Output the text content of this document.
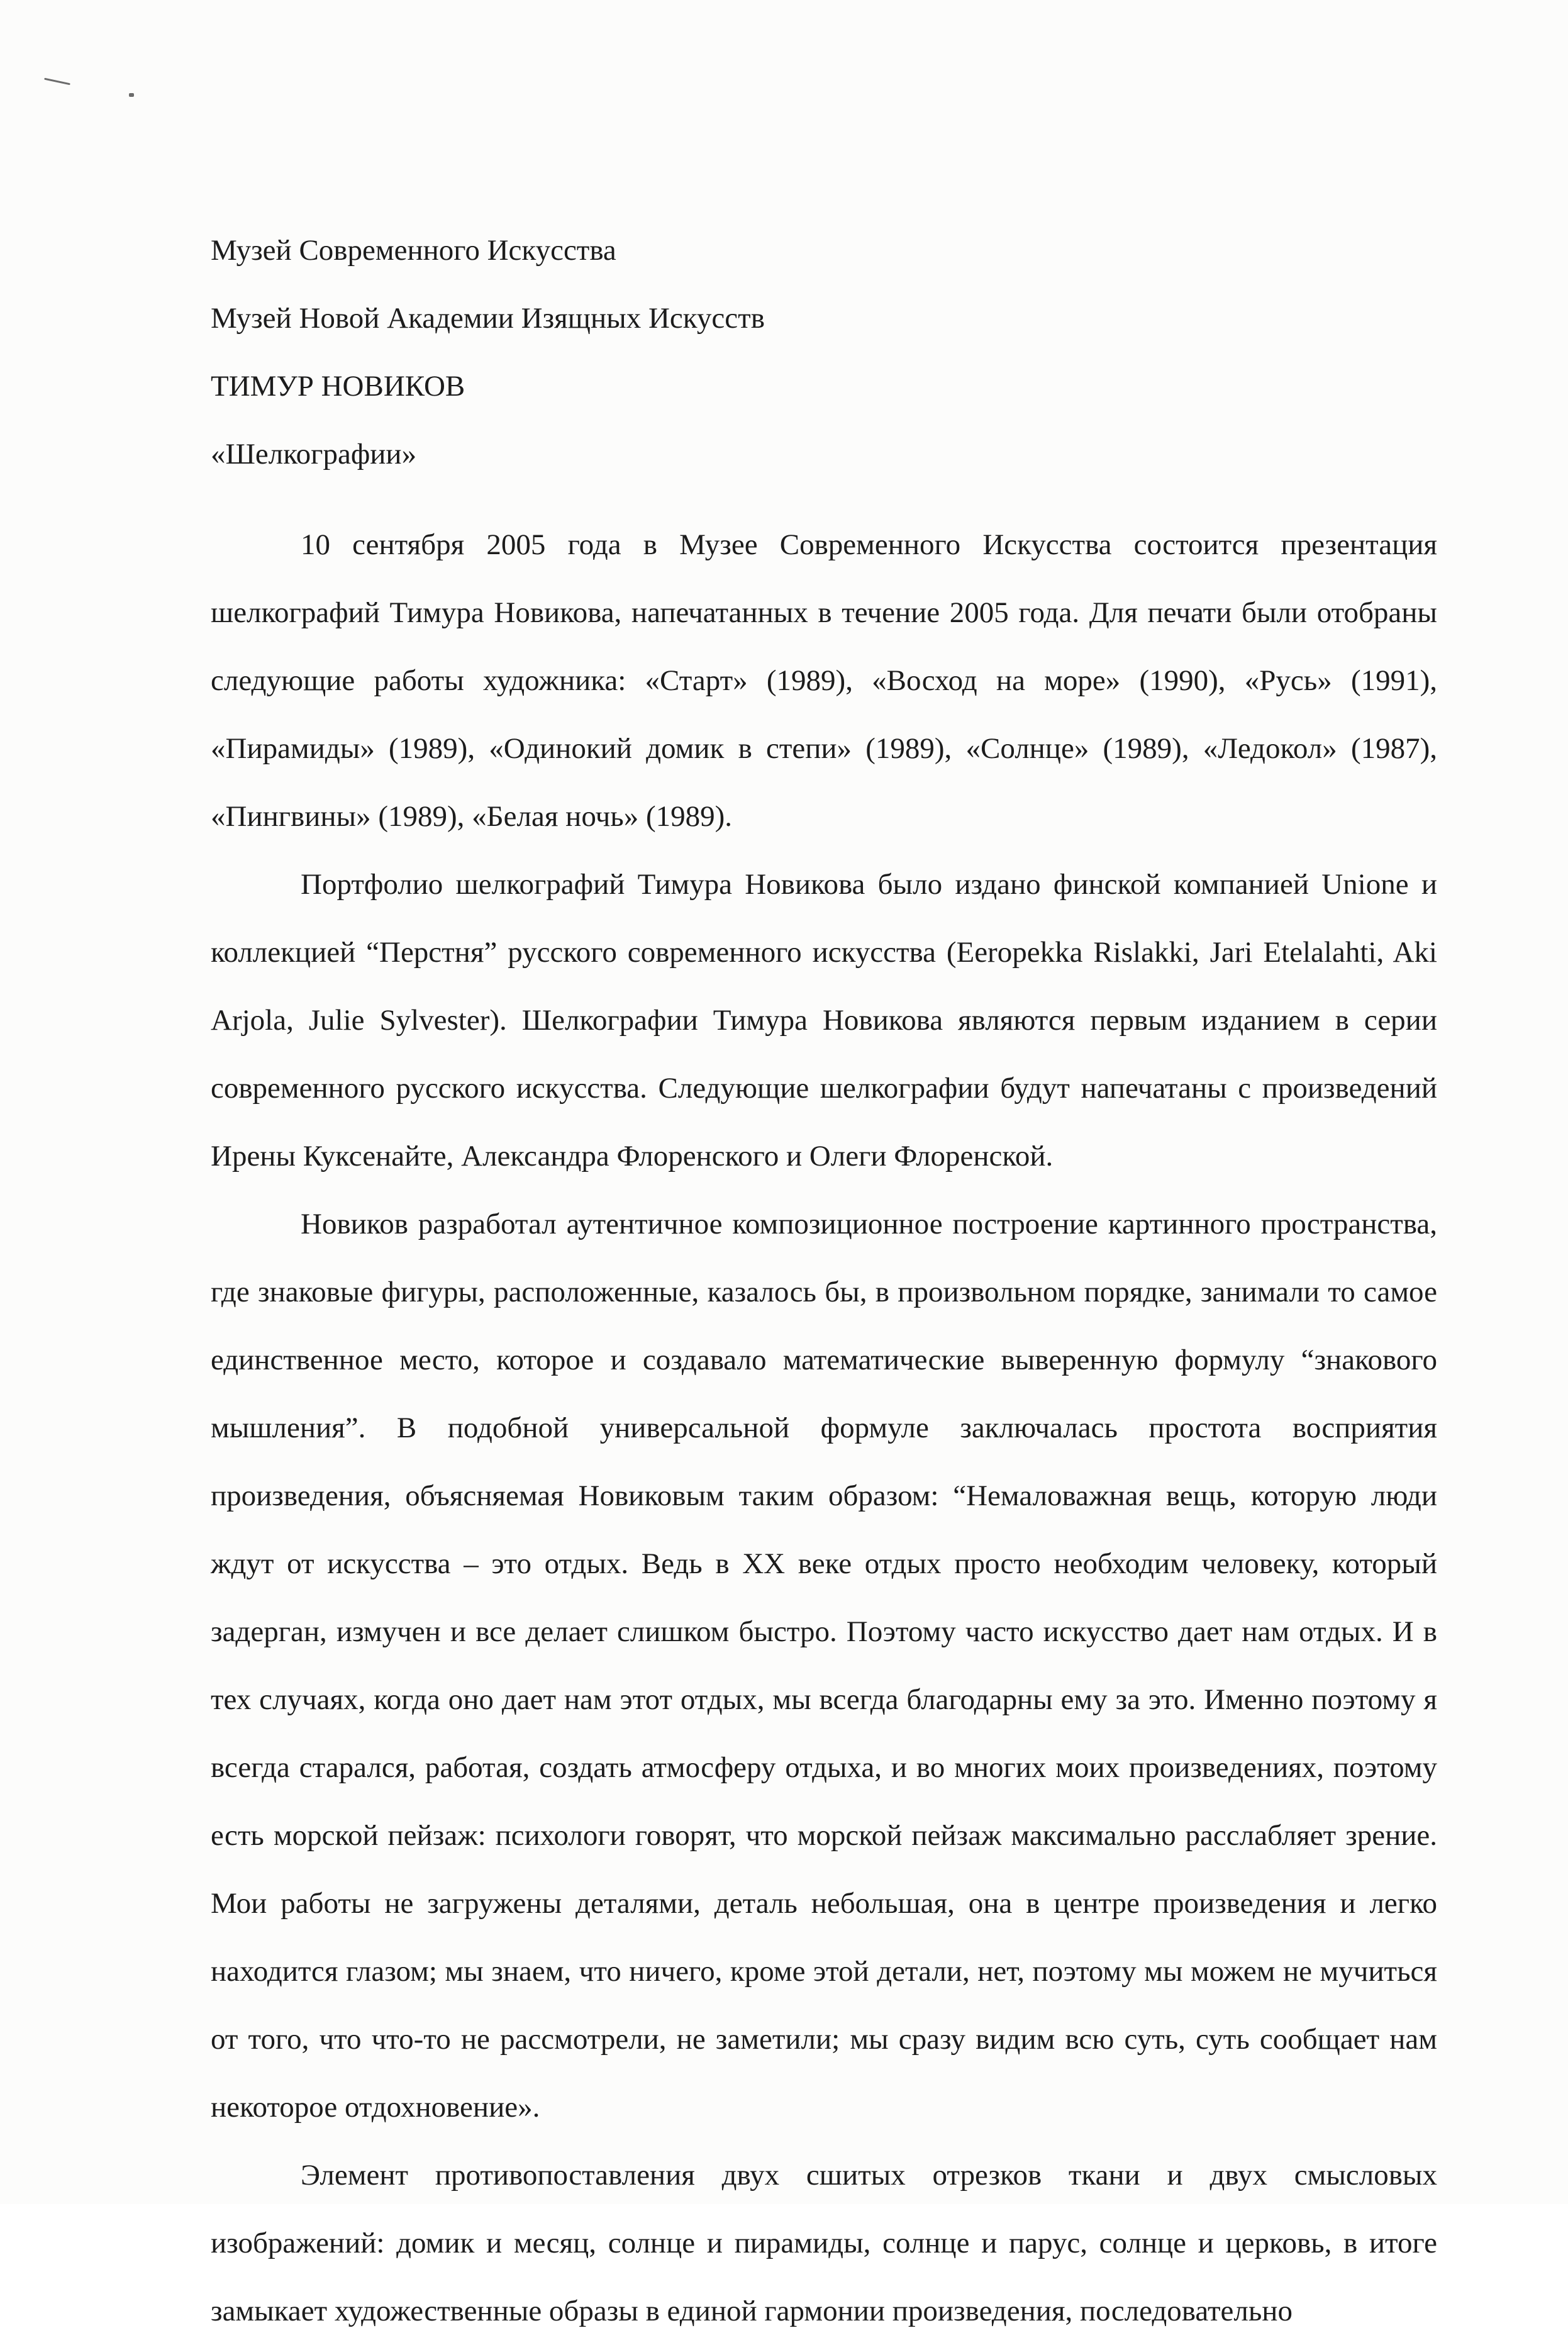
Музей Современного Искусства
Музей Новой Академии Изящных Искусств
ТИМУР НОВИКОВ
«Шелкографии»

10 сентября 2005 года в Музее Современного Искусства состоится презентация шелкографий Тимура Новикова, напечатанных в течение 2005 года. Для печати были отобраны следующие работы художника: «Старт» (1989), «Восход на море» (1990), «Русь» (1991), «Пирамиды» (1989), «Одинокий домик в степи» (1989), «Солнце» (1989), «Ледокол» (1987), «Пингвины» (1989), «Белая ночь» (1989).

Портфолио шелкографий Тимура Новикова было издано финской компанией Unione и коллекцией “Перстня” русского современного искусства (Eeropekka Rislakki, Jari Etelalahti, Aki Arjola, Julie Sylvester). Шелкографии Тимура Новикова являются первым изданием в серии современного русского искусства. Следующие шелкографии будут напечатаны с произведений Ирены Куксенайте, Александра Флоренского и Олеги Флоренской.

Новиков разработал аутентичное композиционное построение картинного пространства, где знаковые фигуры, расположенные, казалось бы, в произвольном порядке, занимали то самое единственное место, которое и создавало математические выверенную формулу “знакового мышления”. В подобной универсальной формуле заключалась простота восприятия произведения, объясняемая Новиковым таким образом: “Немаловажная вещь, которую люди ждут от искусства – это отдых. Ведь в XX веке отдых просто необходим человеку, который задерган, измучен и все делает слишком быстро. Поэтому часто искусство дает нам отдых. И в тех случаях, когда оно дает нам этот отдых, мы всегда благодарны ему за это. Именно поэтому я всегда старался, работая, создать атмосферу отдыха, и во многих моих произведениях, поэтому есть морской пейзаж: психологи говорят, что морской пейзаж максимально расслабляет зрение. Мои работы не загружены деталями, деталь небольшая, она в центре произведения и легко находится глазом; мы знаем, что ничего, кроме этой детали, нет, поэтому мы можем не мучиться от того, что что-то не рассмотрели, не заметили; мы сразу видим всю суть, суть сообщает нам некоторое отдохновение».

Элемент противопоставления двух сшитых отрезков ткани и двух смысловых изображений: домик и месяц, солнце и пирамиды, солнце и парус, солнце и церковь, в итоге замыкает художественные образы в единой гармонии произведения, последовательно
